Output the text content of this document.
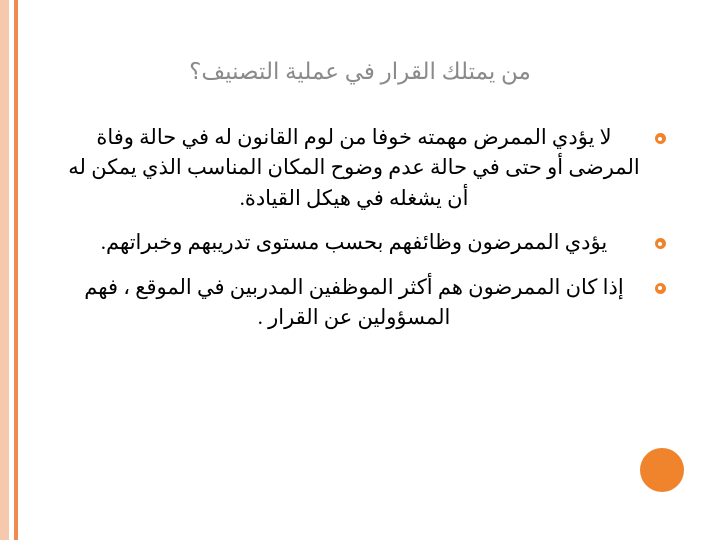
من يمتلك القرار في عملية التصنيف؟
لا يؤدي الممرض مهمته خوفا من لوم القانون له في حالة وفاة المرضى أو حتى في حالة عدم وضوح المكان المناسب الذي يمكن له أن يشغله في هيكل القيادة.
يؤدي الممرضون وظائفهم بحسب مستوى تدريبهم وخبراتهم.
إذا كان الممرضون هم أكثر الموظفين المدربين في الموقع ، فهم المسؤولين عن القرار .
